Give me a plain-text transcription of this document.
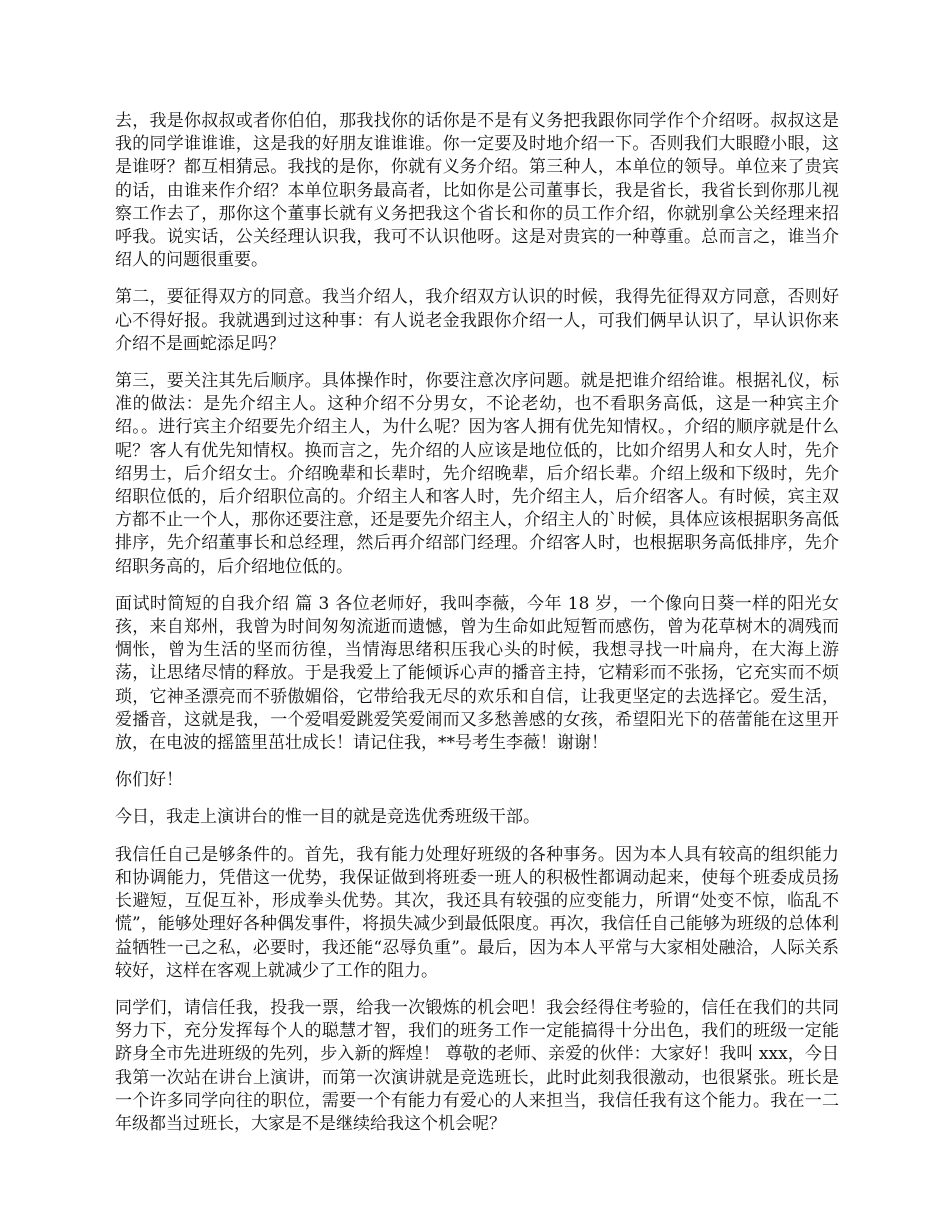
去，我是你叔叔或者你伯伯，那我找你的话你是不是有义务把我跟你同学作个介绍呀。叔叔这是我的同学谁谁谁，这是我的好朋友谁谁谁。你一定要及时地介绍一下。否则我们大眼瞪小眼，这是谁呀？都互相猜忌。我找的是你，你就有义务介绍。第三种人，本单位的领导。单位来了贵宾的话，由谁来作介绍？本单位职务最高者，比如你是公司董事长，我是省长，我省长到你那儿视察工作去了，那你这个董事长就有义务把我这个省长和你的员工作介绍，你就别拿公关经理来招呼我。说实话，公关经理认识我，我可不认识他呀。这是对贵宾的一种尊重。总而言之，谁当介绍人的问题很重要。

第二，要征得双方的同意。我当介绍人，我介绍双方认识的时候，我得先征得双方同意，否则好心不得好报。我就遇到过这种事：有人说老金我跟你介绍一人，可我们俩早认识了，早认识你来介绍不是画蛇添足吗？

第三，要关注其先后顺序。具体操作时，你要注意次序问题。就是把谁介绍给谁。根据礼仪，标准的做法：是先介绍主人。这种介绍不分男女，不论老幼，也不看职务高低，这是一种宾主介绍。。进行宾主介绍要先介绍主人，为什么呢？因为客人拥有优先知情权。，介绍的顺序就是什么呢？客人有优先知情权。换而言之，先介绍的人应该是地位低的，比如介绍男人和女人时，先介绍男士，后介绍女士。介绍晚辈和长辈时，先介绍晚辈，后介绍长辈。介绍上级和下级时，先介绍职位低的，后介绍职位高的。介绍主人和客人时，先介绍主人，后介绍客人。有时候，宾主双方都不止一个人，那你还要注意，还是要先介绍主人，介绍主人的`时候，具体应该根据职务高低排序，先介绍董事长和总经理，然后再介绍部门经理。介绍客人时，也根据职务高低排序，先介绍职务高的，后介绍地位低的。

面试时简短的自我介绍 篇 3 各位老师好，我叫李薇，今年 18 岁，一个像向日葵一样的阳光女孩，来自郑州，我曾为时间匆匆流逝而遗憾，曾为生命如此短暂而感伤，曾为花草树木的凋残而惆怅，曾为生活的坚而彷徨，当情海思绪积压我心头的时候，我想寻找一叶扁舟，在大海上游荡，让思绪尽情的释放。于是我爱上了能倾诉心声的播音主持，它精彩而不张扬，它充实而不烦琐，它神圣漂亮而不骄傲媚俗，它带给我无尽的欢乐和自信，让我更坚定的去选择它。爱生活，爱播音，这就是我，一个爱唱爱跳爱笑爱闹而又多愁善感的女孩，希望阳光下的蓓蕾能在这里开放，在电波的摇篮里茁壮成长！请记住我，**号考生李薇！谢谢！

你们好！

今日，我走上演讲台的惟一目的就是竞选优秀班级干部。

我信任自己是够条件的。首先，我有能力处理好班级的各种事务。因为本人具有较高的组织能力和协调能力，凭借这一优势，我保证做到将班委一班人的积极性都调动起来，使每个班委成员扬长避短，互促互补，形成拳头优势。其次，我还具有较强的应变能力，所谓“处变不惊，临乱不慌”，能够处理好各种偶发事件，将损失减少到最低限度。再次，我信任自己能够为班级的总体利益牺牲一己之私，必要时，我还能“忍辱负重”。最后，因为本人平常与大家相处融洽，人际关系较好，这样在客观上就减少了工作的阻力。

同学们，请信任我，投我一票，给我一次锻炼的机会吧！我会经得住考验的，信任在我们的共同努力下，充分发挥每个人的聪慧才智，我们的班务工作一定能搞得十分出色，我们的班级一定能跻身全市先进班级的先列，步入新的辉煌！ 尊敬的老师、亲爱的伙伴：大家好！我叫 xxx，今日我第一次站在讲台上演讲，而第一次演讲就是竞选班长，此时此刻我很激动，也很紧张。班长是一个许多同学向往的职位，需要一个有能力有爱心的人来担当，我信任我有这个能力。我在一二年级都当过班长，大家是不是继续给我这个机会呢？
